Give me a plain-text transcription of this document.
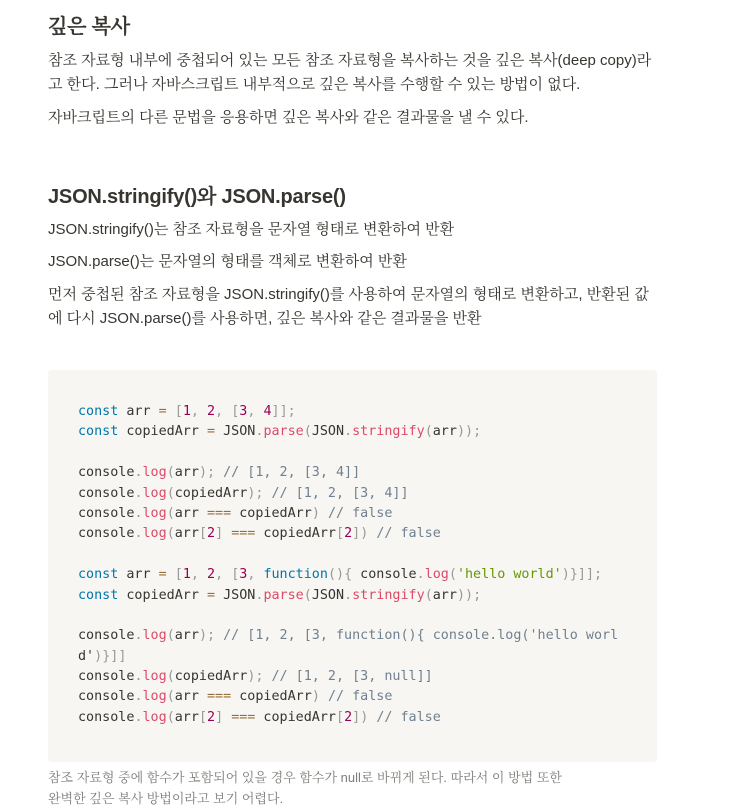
깊은 복사

참조 자료형 내부에 중첩되어 있는 모든 참조 자료형을 복사하는 것을 깊은 복사(deep copy)라고 한다. 그러나 자바스크립트 내부적으로 깊은 복사를 수행할 수 있는 방법이 없다.

자바크립트의 다른 문법을 응용하면 깊은 복사와 같은 결과물을 낼 수 있다.

JSON.stringify()와 JSON.parse()

JSON.stringify()는 참조 자료형을 문자열 형태로 변환하여 반환

JSON.parse()는 문자열의 형태를 객체로 변환하여 반환

먼저 중첩된 참조 자료형을 JSON.stringify()를 사용하여 문자열의 형태로 변환하고, 반환된 값에 다시 JSON.parse()를 사용하면, 깊은 복사와 같은 결과물을 반환

const arr = [1, 2, [3, 4]];
const copiedArr = JSON.parse(JSON.stringify(arr));
console.log(arr); // [1, 2, [3, 4]]
console.log(copiedArr); // [1, 2, [3, 4]]
console.log(arr === copiedArr) // false
console.log(arr[2] === copiedArr[2]) // false
const arr = [1, 2, [3, function(){ console.log('hello world')}]];
const copiedArr = JSON.parse(JSON.stringify(arr));
console.log(arr); // [1, 2, [3, function(){ console.log('hello worl
d')}]]
console.log(copiedArr); // [1, 2, [3, null]]
console.log(arr === copiedArr) // false
console.log(arr[2] === copiedArr[2]) // false

참조 자료형 중에 함수가 포함되어 있을 경우 함수가 null로 바뀌게 된다. 따라서 이 방법 또한 완벽한 깊은 복사 방법이라고 보기 어렵다.
